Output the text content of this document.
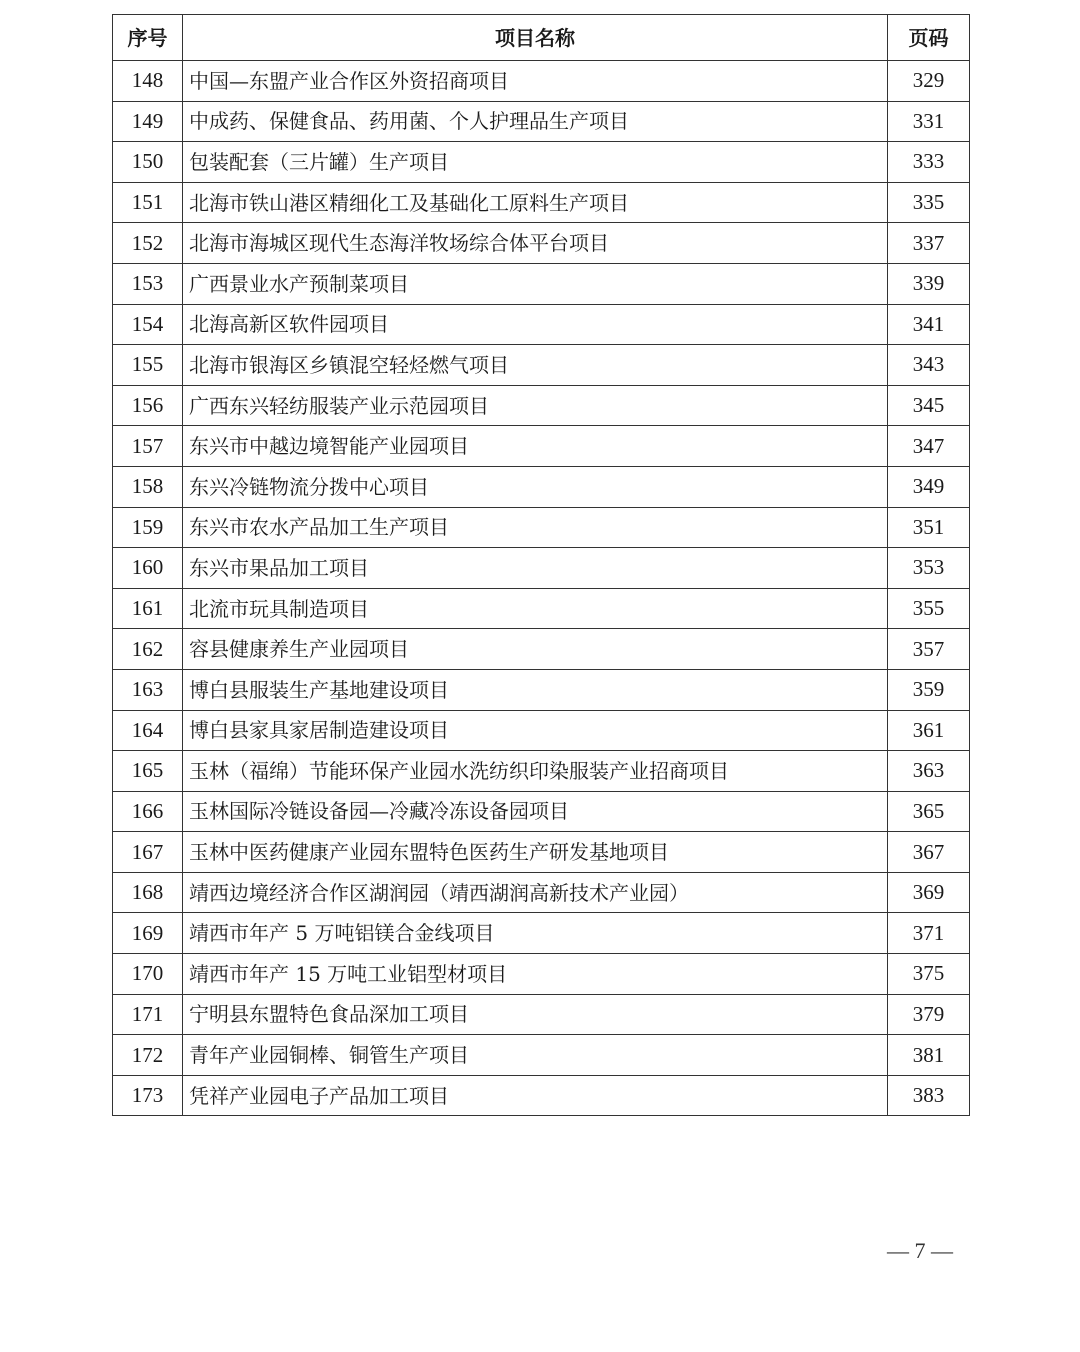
序号	项目名称	页码
148	中国—东盟产业合作区外资招商项目	329
149	中成药、保健食品、药用菌、个人护理品生产项目	331
150	包装配套（三片罐）生产项目	333
151	北海市铁山港区精细化工及基础化工原料生产项目	335
152	北海市海城区现代生态海洋牧场综合体平台项目	337
153	广西景业水产预制菜项目	339
154	北海高新区软件园项目	341
155	北海市银海区乡镇混空轻烃燃气项目	343
156	广西东兴轻纺服装产业示范园项目	345
157	东兴市中越边境智能产业园项目	347
158	东兴冷链物流分拨中心项目	349
159	东兴市农水产品加工生产项目	351
160	东兴市果品加工项目	353
161	北流市玩具制造项目	355
162	容县健康养生产业园项目	357
163	博白县服装生产基地建设项目	359
164	博白县家具家居制造建设项目	361
165	玉林（福绵）节能环保产业园水洗纺织印染服装产业招商项目	363
166	玉林国际冷链设备园—冷藏冷冻设备园项目	365
167	玉林中医药健康产业园东盟特色医药生产研发基地项目	367
168	靖西边境经济合作区湖润园（靖西湖润高新技术产业园）	369
169	靖西市年产 5 万吨铝镁合金线项目	371
170	靖西市年产 15 万吨工业铝型材项目	375
171	宁明县东盟特色食品深加工项目	379
172	青年产业园铜棒、铜管生产项目	381
173	凭祥产业园电子产品加工项目	383
— 7 —
